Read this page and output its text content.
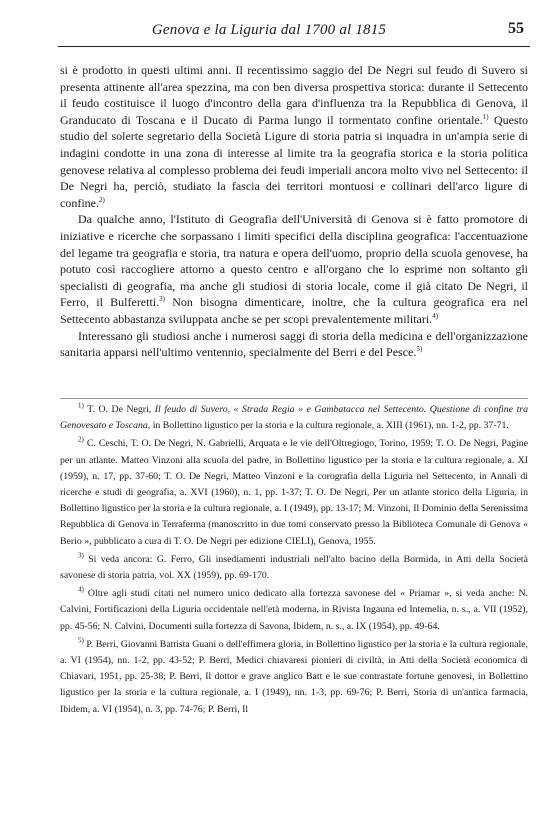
Genova e la Liguria dal 1700 al 1815	55

si è prodotto in questi ultimi anni. Il recentissimo saggio del De Negri sul feudo di Suvero si presenta attinente all'area spezzina, ma con ben diversa prospettiva storica: durante il Settecento il feudo costituisce il luogo d'incontro della gara d'influenza tra la Repubblica di Genova, il Granducato di Toscana e il Ducato di Parma lungo il tormentato confine orientale.$^{1)}$ Questo studio del solerte segretario della Società Ligure di storia patria si inquadra in un'ampia serie di indagini condotte in una zona di interesse al limite tra la geografia storica e la storia politica genovese relativa al complesso problema dei feudi imperiali ancora molto vivo nel Settecento: il De Negri ha, perciò, studiato la fascia dei territori montuosi e collinari dell'arco ligure di confine.$^{2)}$

Da qualche anno, l'Istituto di Geografia dell'Università di Genova si è fatto promotore di iniziative e ricerche che sorpassano i limiti specifici della disciplina geografica: l'accentuazione del legame tra geografia e storia, tra natura e opera dell'uomo, proprio della scuola genovese, ha potuto così raccogliere attorno a questo centro e all'organo che lo esprime non soltanto gli specialisti di geografia, ma anche gli studiosi di storia locale, come il già citato De Negri, il Ferro, il Bulferetti.$^{3)}$ Non bisogna dimenticare, inoltre, che la cultura geografica era nel Settecento abbastanza sviluppata anche se per scopi prevalentemente militari.$^{4)}$

Interessano gli studiosi anche i numerosi saggi di storia della medicina e dell'organizzazione sanitaria apparsi nell'ultimo ventennio, specialmente del Berri e del Pesce.$^{5)}$

$^{1)}$ T. O. De Negri, Il feudo di Suvero, « Strada Regia » e Gambatacca nel Settecento. Questione di confine tra Genovesato e Toscana, in Bollettino ligustico per la storia e la cultura regionale, a. XIII (1961), nn. 1-2, pp. 37-71.

$^{2)}$ C. Ceschi, T. O. De Negri, N. Gabrielli, Arquata e le vie dell'Oltregiogo, Torino, 1959; T. O. De Negri, Pagine per un atlante. Matteo Vinzoni alla scuola del padre, in Bollettino ligustico per la storia e la cultura regionale, a. XI (1959), n. 17, pp. 37-60; T. O. De Negri, Matteo Vinzoni e la corografia della Liguria nel Settecento, in Annali di ricerche e studi di geografia, a. XVI (1960), n. 1, pp. 1-37; T. O. De Negri, Per un atlante storico della Liguria, in Bollettino ligustico per la storia e la cultura regionale, a. I (1949), pp. 13-17; M. Vinzoni, Il Dominio della Serenissima Repubblica di Genova in Terraferma (manoscritto in due tomi conservato presso la Biblioteca Comunale di Genova « Berio », pubblicato a cura di T. O. De Negri per edizione CIELI), Genova, 1955.

$^{3)}$ Si veda ancora: G. Ferro, Gli insediamenti industriali nell'alto bacino della Bormida, in Atti della Società savonese di storia patria, vol. XX (1959), pp. 69-170.

$^{4)}$ Oltre agli studi citati nel numero unico dedicato alla fortezza savonese del « Priamar », si veda anche: N. Calvini, Fortificazioni della Liguria occidentale nell'età moderna, in Rivista Ingauna ed Intemelia, n. s., a. VII (1952), pp. 45-56; N. Calvini, Documenti sulla fortezza di Savona, Ibidem, n. s., a. IX (1954), pp. 49-64.

$^{5)}$ P. Berri, Giovanni Battista Guani o dell'effimera gloria, in Bollettino ligustico per la storia e la cultura regionale, a. VI (1954), nn. 1-2, pp. 43-52; P. Berri, Medici chiavaresi pionieri di civiltà, in Atti della Società economica di Chiavari, 1951, pp. 25-38; P. Berri, Il dottor e grave anglico Batt e le sue contrastate fortune genovesi, in Bollettino ligustico per la storia e la cultura regionale, a. I (1949), nn. 1-3, pp. 69-76; P. Berri, Storia di un'antica farmacia, Ibidem, a. VI (1954), n. 3, pp. 74-76; P. Berri, Il
